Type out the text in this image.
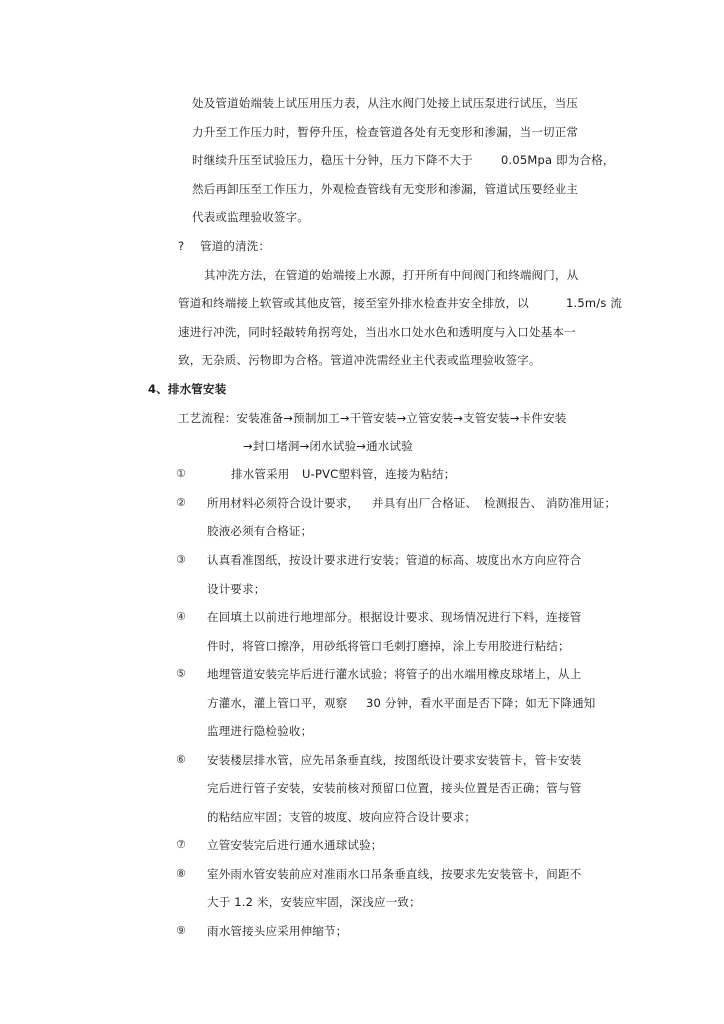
处及管道始端装上试压用压力表，从注水阀门处接上试压泵进行试压，当压
力升至工作压力时，暂停升压，检查管道各处有无变形和渗漏，当一切正常
时继续升压至试验压力，稳压十分钟，压力下降不大于 0.05Mpa 即为合格，
然后再卸压至工作压力，外观检查管线有无变形和渗漏，管道试压要经业主
代表或监理验收签字。
? 管道的清洗：
其冲洗方法，在管道的始端接上水源，打开所有中间阀门和终端阀门，从
管道和终端接上软管或其他皮管，接至室外排水检查井安全排放，以	1.5m/s 流
速进行冲洗，同时轻敲转角拐弯处，当出水口处水色和透明度与入口处基本一
致，无杂质、污物即为合格。管道冲洗需经业主代表或监理验收签字。
4、排水管安装
工艺流程：安装准备→预制加工→干管安装→立管安装→支管安装→卡件安装
→封口堵洞→闭水试验→通水试验
①	排水管采用 U-PVC塑料管，连接为粘结；
② 所用材料必须符合设计要求， 并具有出厂合格证、 检测报告、 消防准用证；
胶液必须有合格证；
③ 认真看准图纸，按设计要求进行安装；管道的标高、坡度出水方向应符合
设计要求；
④ 在回填土以前进行地埋部分。根据设计要求、现场情况进行下料，连接管
件时，将管口擦净，用砂纸将管口毛刺打磨掉，涂上专用胶进行粘结；
⑤ 地埋管道安装完毕后进行灌水试验；将管子的出水端用橡皮球堵上，从上
方灌水，灌上管口平，观察 30 分钟，看水平面是否下降；如无下降通知
监理进行隐检验收；
⑥ 安装楼层排水管，应先吊条垂直线，按图纸设计要求安装管卡，管卡安装
完后进行管子安装，安装前核对预留口位置，接头位置是否正确；管与管
的粘结应牢固；支管的坡度、坡向应符合设计要求；
⑦ 立管安装完后进行通水通球试验；
⑧ 室外雨水管安装前应对准雨水口吊条垂直线，按要求先安装管卡，间距不
大于 1.2 米，安装应牢固，深浅应一致；
⑨ 雨水管接头应采用伸缩节；
